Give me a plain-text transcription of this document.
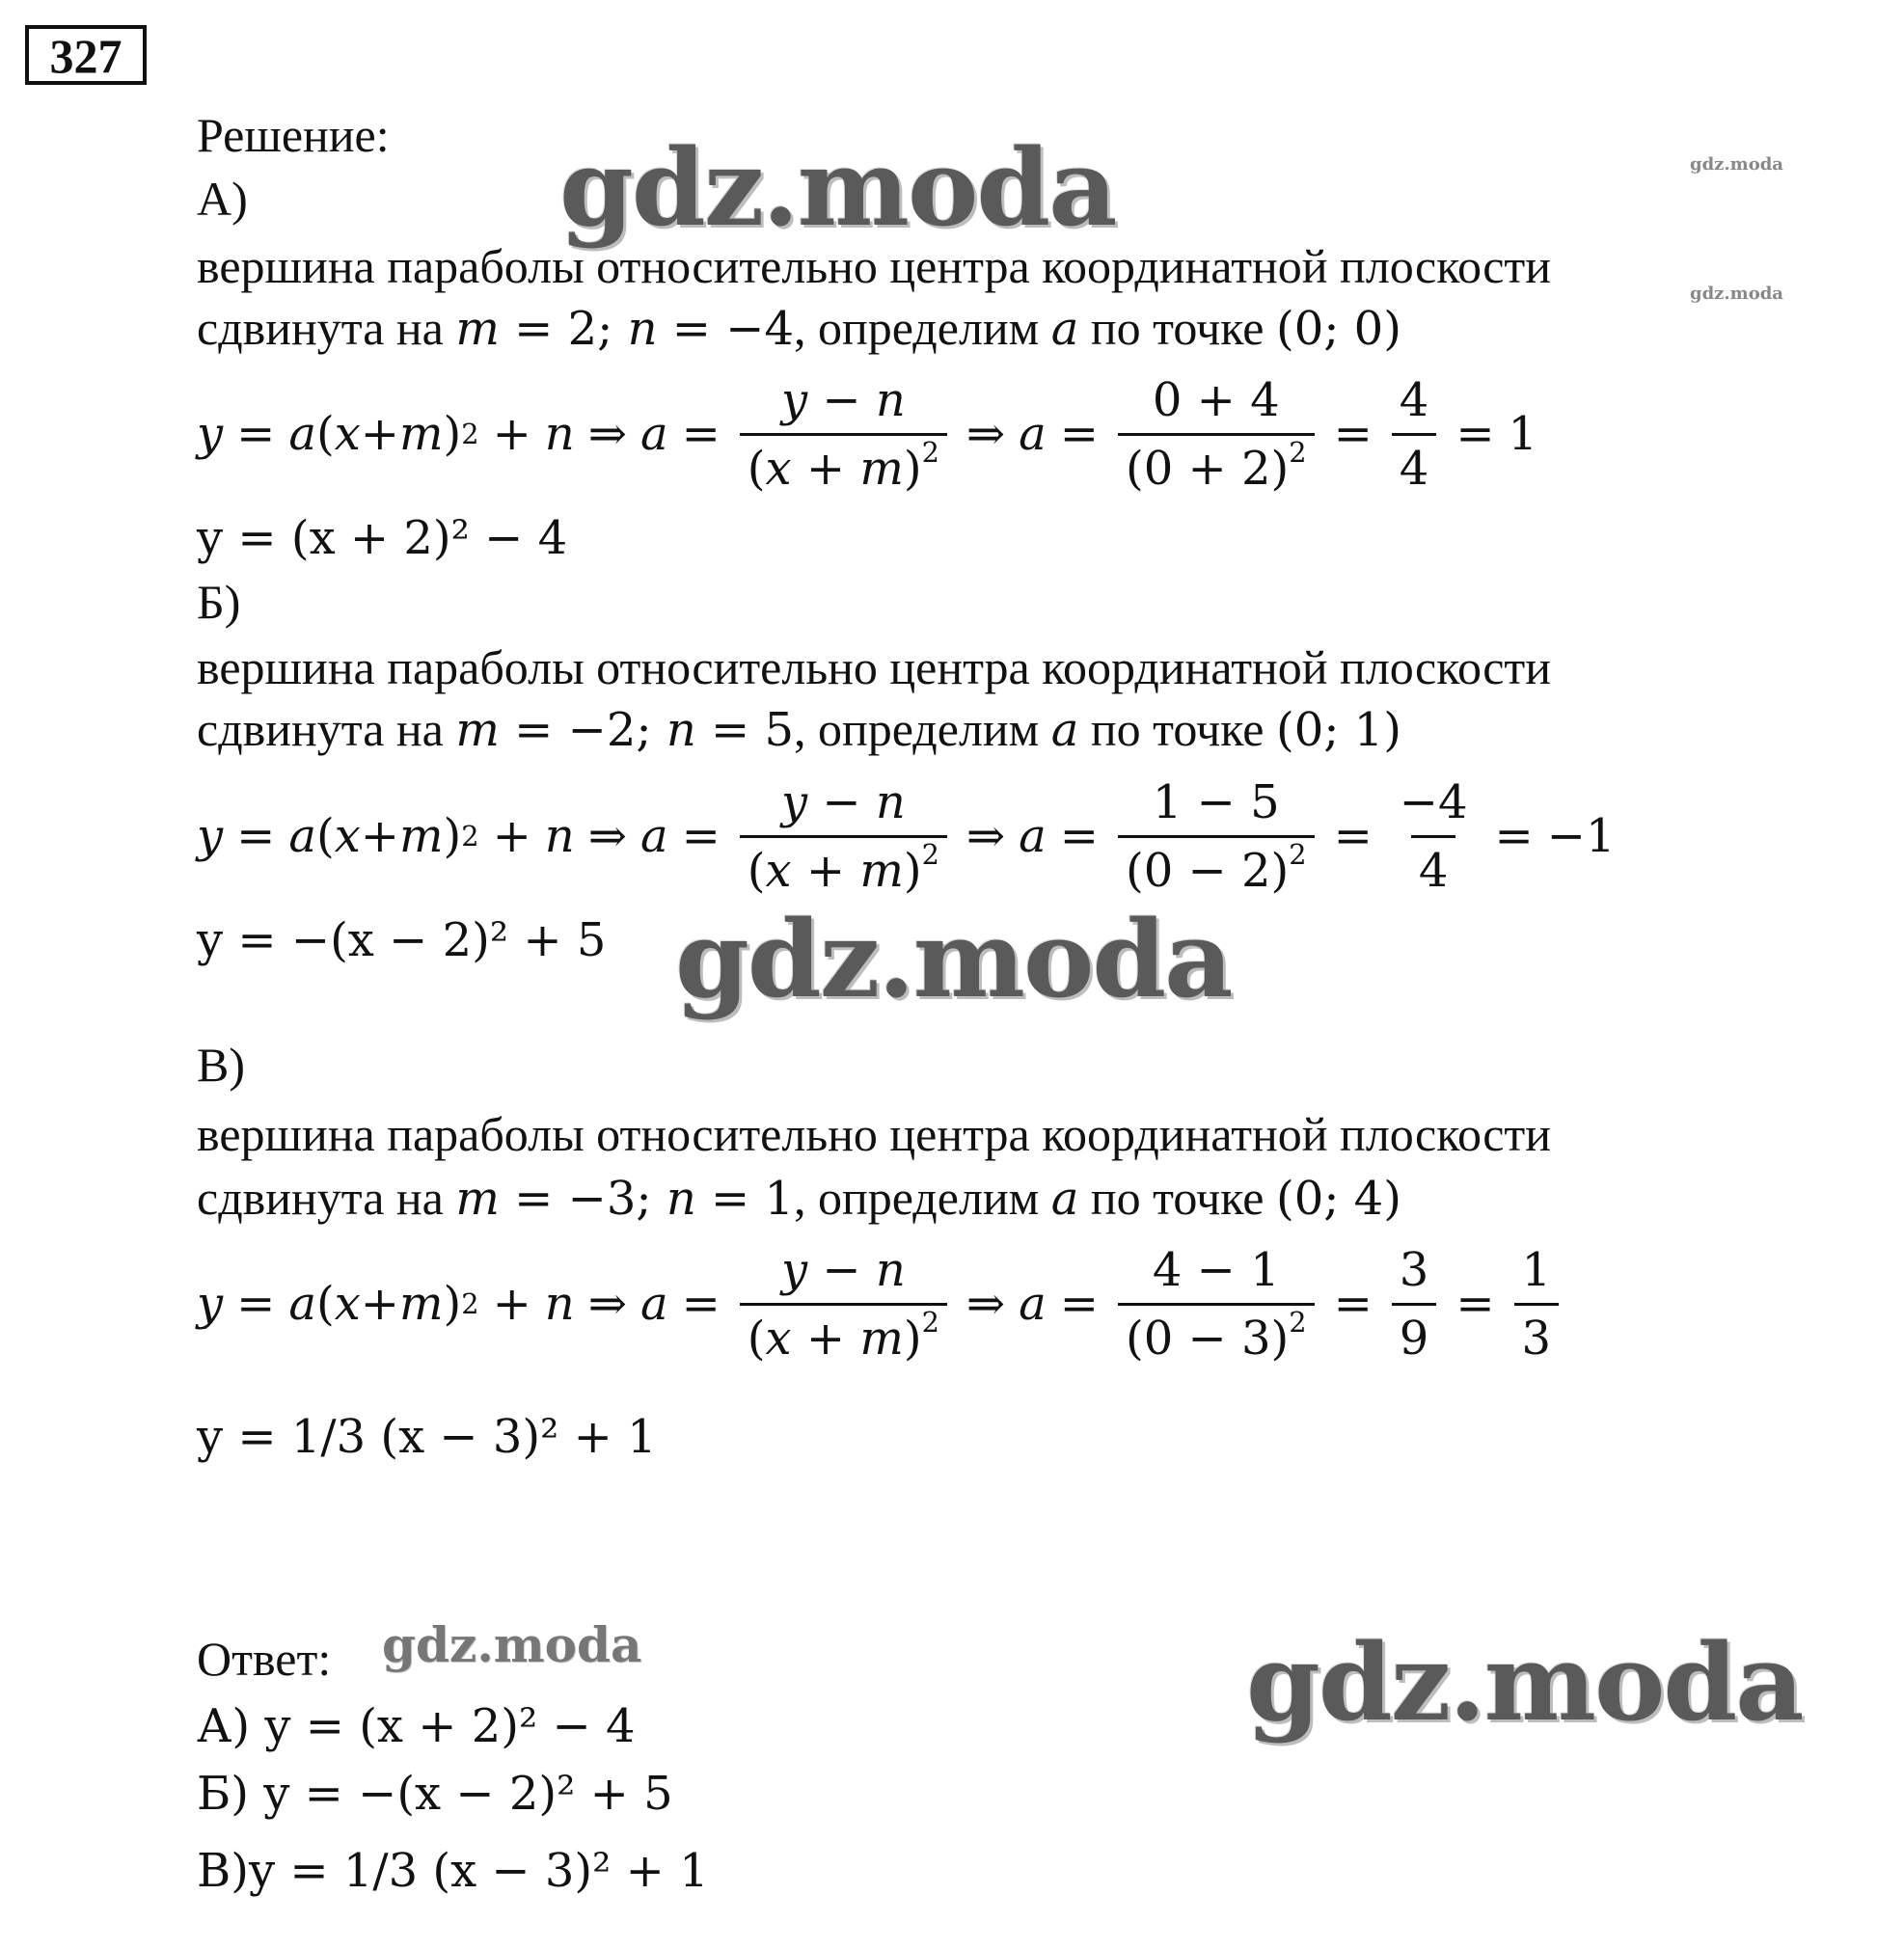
327
Решение:
А)
вершина параболы относительно центра координатной плоскости
сдвинута на m = 2; n = −4, определим a по точке (0; 0)
y = a ( x + m ) 2 + n ⇒ $a = \frac{y - n}{(x + m)^2}$ ⇒ $a = \frac{0 + 4}{(0 + 2)^2} = \frac{4}{4} = 1$
y = (x + 2)² − 4
Б)
вершина параболы относительно центра координатной плоскости
сдвинута на m = −2; n = 5, определим a по точке (0; 1)
y = a ( x + m ) 2 + n ⇒ $a = \frac{y - n}{(x + m)^2}$ ⇒ $a = \frac{1 - 5}{(0 - 2)^2} = \frac{-4}{4} = -1$
y = −(x − 2)² + 5
В)
вершина параболы относительно центра координатной плоскости
сдвинута на m = −3; n = 1, определим a по точке (0; 4)
y = a ( x + m ) 2 + n ⇒ $a = \frac{y - n}{(x + m)^2}$ ⇒ $a = \frac{4 - 1}{(0 - 3)^2} = \frac{3}{9} = \frac{1}{3}$
y = 1/3 (x − 3)² + 1
Ответ:
А) y = (x + 2)² − 4
Б) y = −(x − 2)² + 5
В)y = 1/3 (x − 3)² + 1
gdz.moda	gdz.moda
gdz.moda
gdz.moda
gdz.moda	gdz.moda
